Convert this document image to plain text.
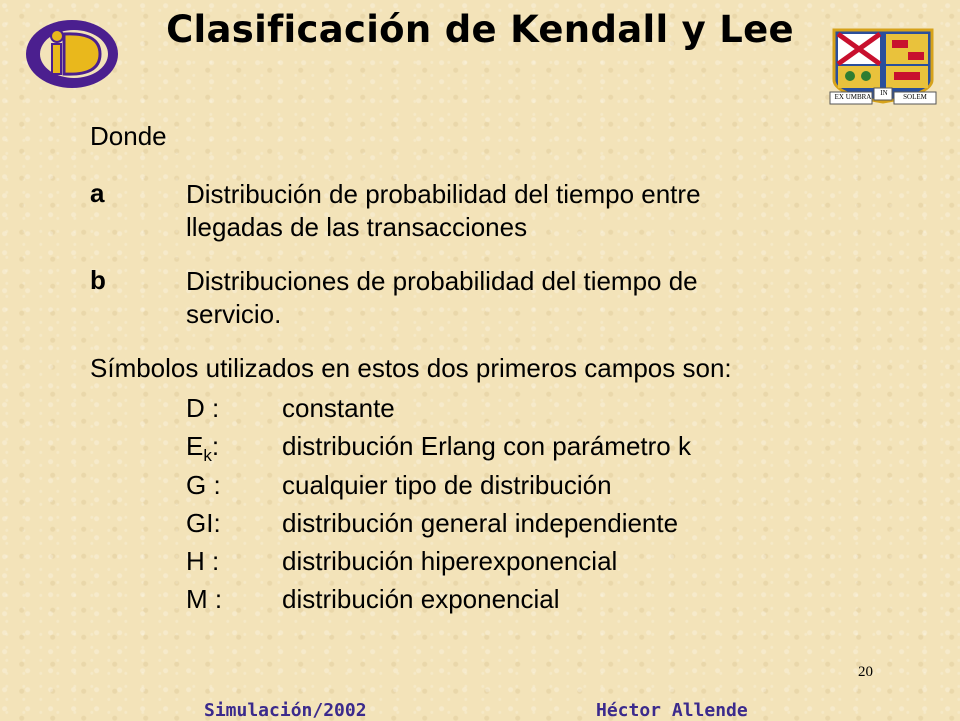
Clasificación de Kendall y Lee
EX UMBRA	IN	SOLEM
Donde
a	Distribución de probabilidad del tiempo entre
llegadas de las transacciones
b	Distribuciones de probabilidad del tiempo de
servicio.
Símbolos utilizados en estos dos primeros campos son:
D : constante
$E_k$: distribución Erlang con parámetro k
G : cualquier tipo de distribución
GI: distribución general independiente
H : distribución hiperexponencial
M : distribución exponencial
20
Simulación/2002	Héctor Allende
